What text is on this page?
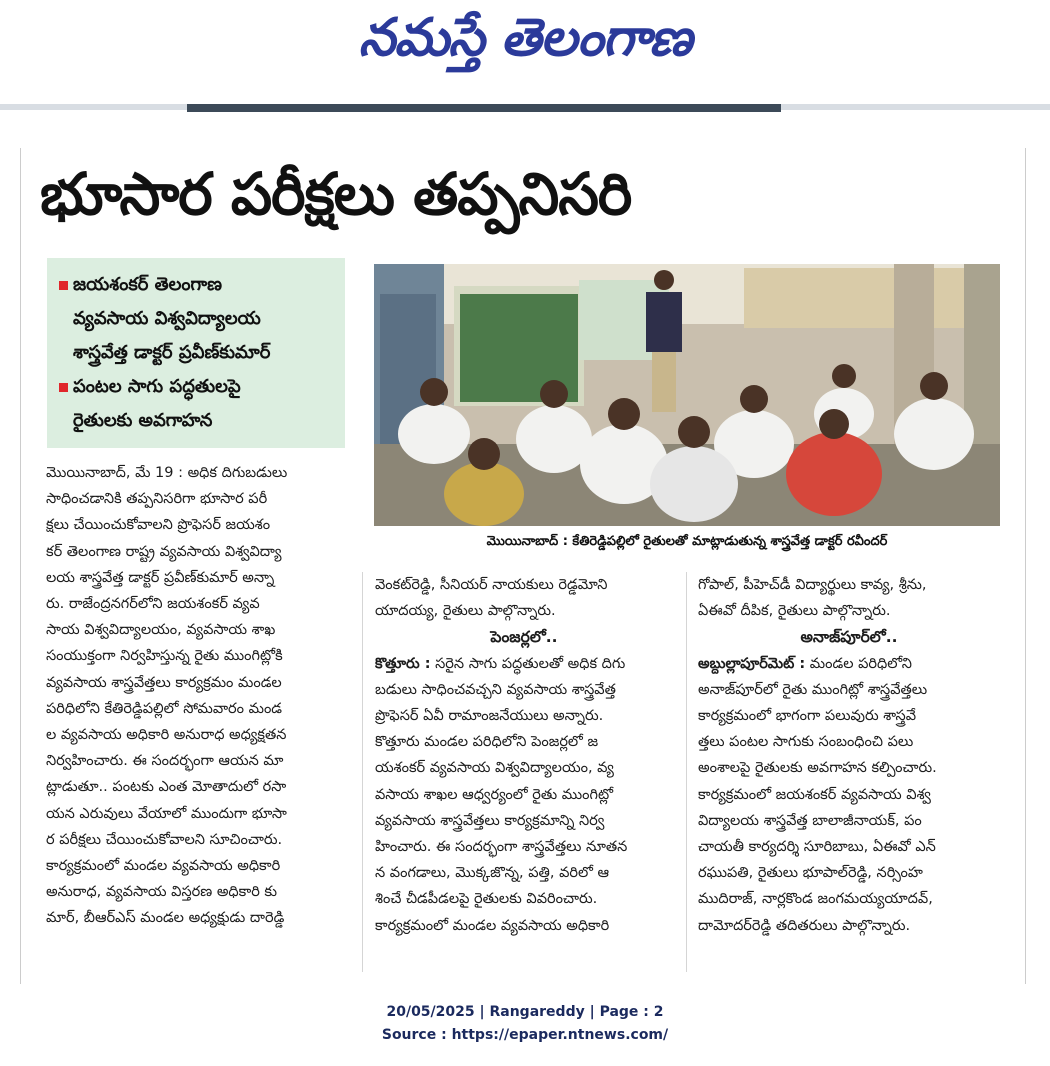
నమస్తే తెలంగాణ
భూసార పరీక్షలు తప్పనిసరి
జయశంకర్ తెలంగాణ
వ్యవసాయ విశ్వవిద్యాలయ
శాస్త్రవేత్త డాక్టర్ ప్రవీణ్‌కుమార్
పంటల సాగు పద్ధతులపై
రైతులకు అవగాహన
మొయినాబాద్ : కేతిరెడ్డిపల్లిలో రైతులతో మాట్లాడుతున్న శాస్త్రవేత్త డాక్టర్ రవీందర్

మొయినాబాద్, మే 19 : అధిక దిగుబడులు

సాధించడానికి తప్పనిసరిగా భూసార పరీ

క్షలు చేయించుకోవాలని ప్రొఫెసర్ జయశం

కర్ తెలంగాణ రాష్ట్ర వ్యవసాయ విశ్వవిద్యా

లయ శాస్త్రవేత్త డాక్టర్ ప్రవీణ్‌కుమార్ అన్నా

రు. రాజేంద్రనగర్‌లోని జయశంకర్ వ్యవ

సాయ విశ్వవిద్యాలయం, వ్యవసాయ శాఖ

సంయుక్తంగా నిర్వహిస్తున్న రైతు ముంగిట్లోకి

వ్యవసాయ శాస్త్రవేత్తలు కార్యక్రమం మండల

పరిధిలోని కేతిరెడ్డిపల్లిలో సోమవారం మండ

ల వ్యవసాయ అధికారి అనురాధ అధ్యక్షతన

నిర్వహించారు. ఈ సందర్భంగా ఆయన మా

ట్లాడుతూ.. పంటకు ఎంత మోతాదులో రసా

యన ఎరువులు వేయాలో ముందుగా భూసా

ర పరీక్షలు చేయించుకోవాలని సూచించారు.

కార్యక్రమంలో మండల వ్యవసాయ అధికారి

అనురాధ, వ్యవసాయ విస్తరణ అధికారి కు

మార్, బీఆర్‌ఎస్ మండల అధ్యక్షుడు దారెడ్డి

వెంకట్‌రెడ్డి, సీనియర్ నాయకులు రెడ్డమోని

యాదయ్య, రైతులు పాల్గొన్నారు.

పెంజర్లలో..

కొత్తూరు : సరైన సాగు పద్ధతులతో అధిక దిగు

బడులు సాధించవచ్చని వ్యవసాయ శాస్త్రవేత్త

ప్రొఫెసర్ ఏవీ రామాంజనేయులు అన్నారు.

కొత్తూరు మండల పరిధిలోని పెంజర్లలో జ

యశంకర్ వ్యవసాయ విశ్వవిద్యాలయం, వ్య

వసాయ శాఖల ఆధ్వర్యంలో రైతు ముంగిట్లో

వ్యవసాయ శాస్త్రవేత్తలు కార్యక్రమాన్ని నిర్వ

హించారు. ఈ సందర్భంగా శాస్త్రవేత్తలు నూతన

న వంగడాలు, మొక్కజొన్న, పత్తి, వరిలో ఆ

శించే చీడపీడలపై రైతులకు వివరించారు.

కార్యక్రమంలో మండల వ్యవసాయ అధికారి

గోపాల్, పీహెచ్‌డీ విద్యార్థులు కావ్య, శ్రీను,

ఏఈవో దీపిక, రైతులు పాల్గొన్నారు.

అనాజ్‌పూర్‌లో..

అబ్దుల్లాపూర్‌మెట్ : మండల పరిధిలోని

అనాజ్‌పూర్‌లో రైతు ముంగిట్లో శాస్త్రవేత్తలు

కార్యక్రమంలో భాగంగా పలువురు శాస్త్రవే

త్తలు పంటల సాగుకు సంబంధించి పలు

అంశాలపై రైతులకు అవగాహన కల్పించారు.

కార్యక్రమంలో జయశంకర్ వ్యవసాయ విశ్వ

విద్యాలయ శాస్త్రవేత్త బాలాజీనాయక్, పం

చాయతీ కార్యదర్శి సూరిబాబు, ఏఈవో ఎన్

రఘుపతి, రైతులు భూపాల్‌రెడ్డి, నర్సింహ

ముదిరాజ్, నార్లకొండ జంగమయ్యయాదవ్,

దామోదర్‌రెడ్డి తదితరులు పాల్గొన్నారు.

20/05/2025 | Rangareddy | Page : 2
Source : https://epaper.ntnews.com/
